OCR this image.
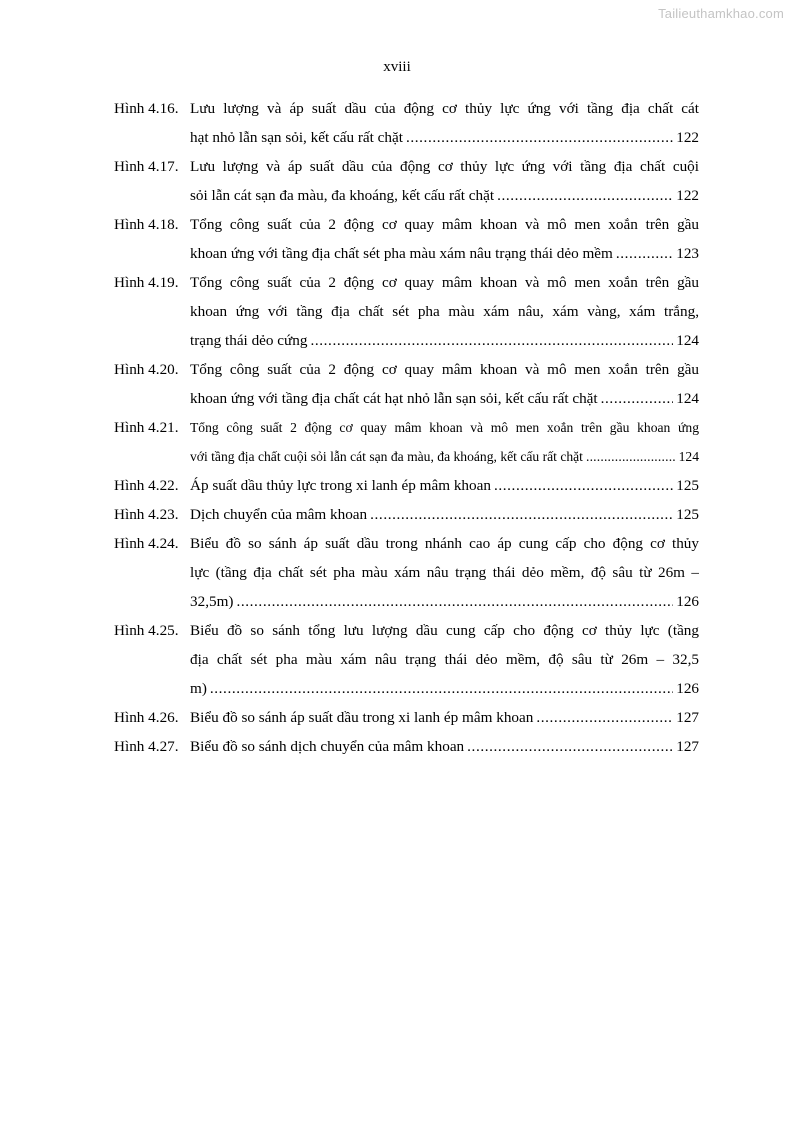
Tailieuthamkhao.com
xviii
Hình 4.16. Lưu lượng và áp suất dầu của động cơ thủy lực ứng với tầng địa chất cát
hạt nhỏ lẫn sạn sỏi, kết cấu rất chặt . . .	122
Hình 4.17. Lưu lượng và áp suất dầu của động cơ thủy lực ứng với tầng địa chất cuội
sỏi lẫn cát sạn đa màu, đa khoáng, kết cấu rất chặt . . .	122
Hình 4.18. Tổng công suất của 2 động cơ quay mâm khoan và mô men xoắn trên gầu
khoan ứng với tầng địa chất sét pha màu xám nâu trạng thái dẻo mềm . . .	123
Hình 4.19. Tổng công suất của 2 động cơ quay mâm khoan và mô men xoắn trên gầu
khoan ứng với tầng địa chất sét pha màu xám nâu, xám vàng, xám trắng,
trạng thái dẻo cứng . . .	124
Hình 4.20. Tổng công suất của 2 động cơ quay mâm khoan và mô men xoắn trên gầu
khoan ứng với tầng địa chất cát hạt nhỏ lẫn sạn sỏi, kết cấu rất chặt . . .	124
Hình 4.21. Tổng công suất 2 động cơ quay mâm khoan và mô men xoắn trên gầu khoan ứng
với tầng địa chất cuội sỏi lẫn cát sạn đa màu, đa khoáng, kết cấu rất chặt . . .	124
Hình 4.22. Áp suất dầu thủy lực trong xi lanh ép mâm khoan . . .	125
Hình 4.23. Dịch chuyển của mâm khoan . . .	125
Hình 4.24. Biểu đồ so sánh áp suất dầu trong nhánh cao áp cung cấp cho động cơ thủy
lực (tầng địa chất sét pha màu xám nâu trạng thái dẻo mềm, độ sâu từ 26m –
32,5m) . . .	126
Hình 4.25. Biểu đồ so sánh tổng lưu lượng dầu cung cấp cho động cơ thủy lực (tầng
địa chất sét pha màu xám nâu trạng thái dẻo mềm, độ sâu từ 26m – 32,5
m) . . .	126
Hình 4.26. Biểu đồ so sánh áp suất dầu trong xi lanh ép mâm khoan . . .	127
Hình 4.27. Biểu đồ so sánh dịch chuyển của mâm khoan . . .	127
